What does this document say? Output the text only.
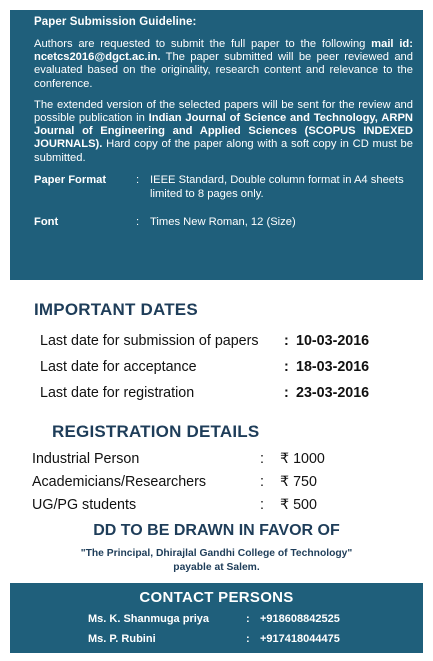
Paper Submission Guideline:

Authors are requested to submit the full paper to the following mail id: ncetcs2016@dgct.ac.in. The paper submitted will be peer reviewed and evaluated based on the originality, research content and relevance to the conference.

The extended version of the selected papers will be sent for the review and possible publication in Indian Journal of Science and Technology, ARPN Journal of Engineering and Applied Sciences (SCOPUS INDEXED JOURNALS). Hard copy of the paper along with a soft copy in CD must be submitted.

Paper Format	: IEEE Standard, Double column format in A4 sheets limited to 8 pages only.
Font	: Times New Roman, 12 (Size)
IMPORTANT DATES
Last date for submission of papers	: 10-03-2016
Last date for acceptance	: 18-03-2016
Last date for registration	: 23-03-2016
REGISTRATION DETAILS
Industrial Person	:	₹ 1000
Academicians/Researchers	:	₹ 750
UG/PG students	:	₹ 500
DD TO BE DRAWN IN FAVOR OF
"The Principal, Dhirajlal Gandhi College of Technology"
payable at Salem.
CONTACT PERSONS
Ms. K. Shanmuga priya	: +918608842525
Ms. P. Rubini	: +917418044475
